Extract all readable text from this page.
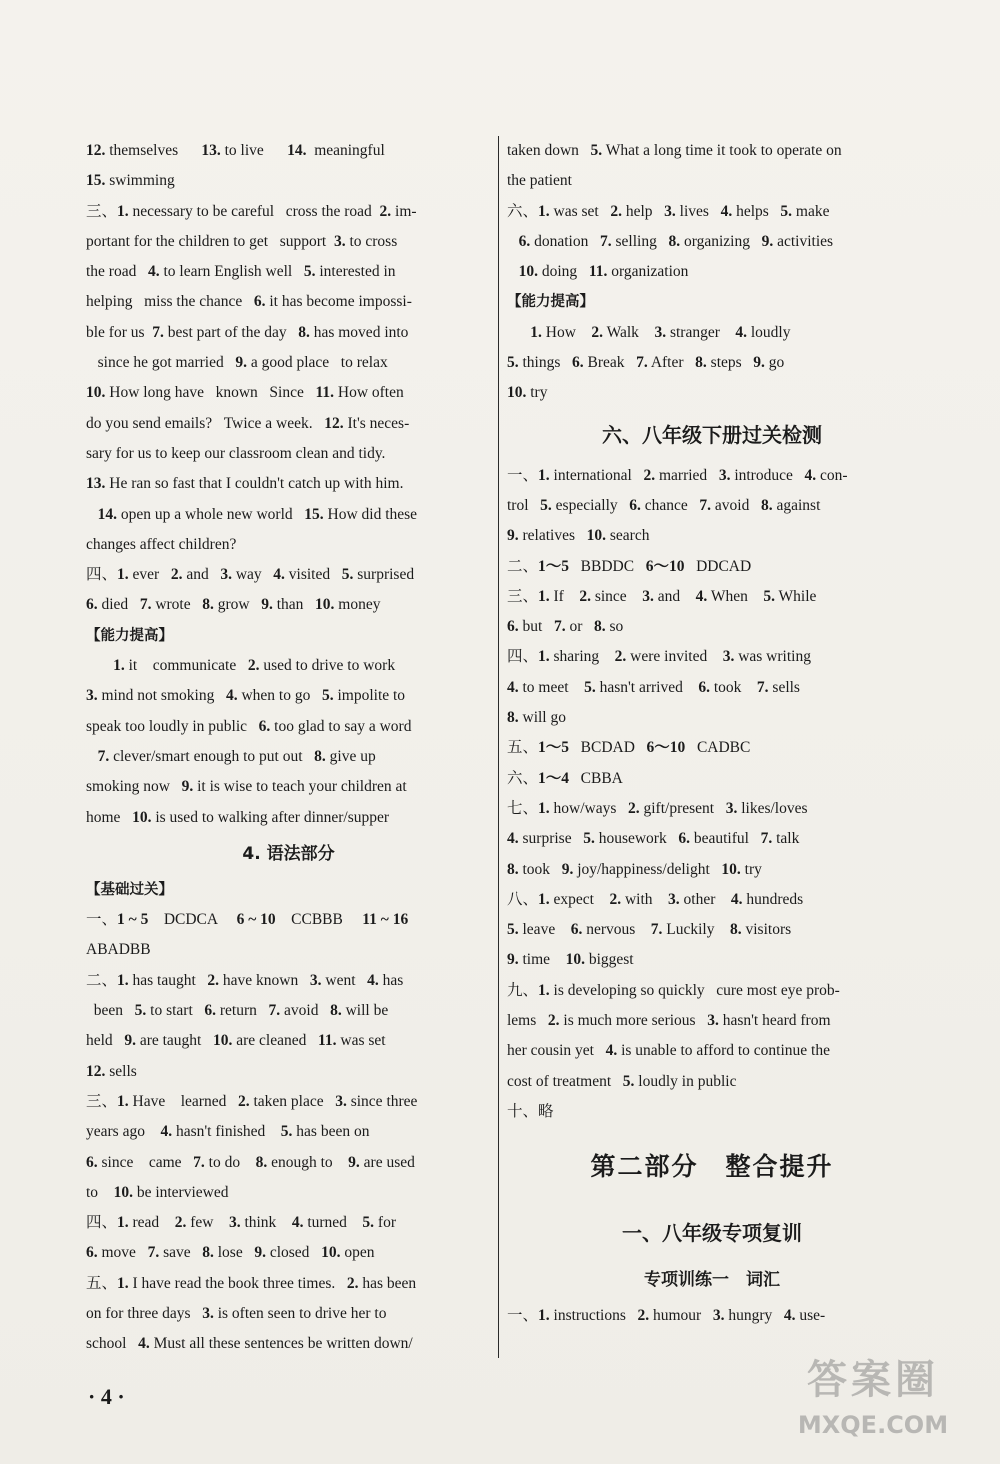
12. themselves      13. to live      14.  meaningful
15. swimming
三、1. necessary to be careful   cross the road  2. im-
portant for the children to get   support  3. to cross
the road   4. to learn English well   5. interested in
helping   miss the chance   6. it has become impossi-
ble for us  7. best part of the day   8. has moved into
since he got married   9. a good place   to relax
10. How long have   known   Since   11. How often
do you send emails?   Twice a week.   12. It's neces-
sary for us to keep our classroom clean and tidy.
13. He ran so fast that I couldn't catch up with him.
14. open up a whole new world   15. How did these
changes affect children?
四、1. ever   2. and   3. way   4. visited   5. surprised
6. died   7. wrote   8. grow   9. than   10. money
【能力提高】
1. it    communicate   2. used to drive to work
3. mind not smoking   4. when to go   5. impolite to
speak too loudly in public   6. too glad to say a word
7. clever/smart enough to put out   8. give up
smoking now   9. it is wise to teach your children at
home   10. is used to walking after dinner/supper
4. 语法部分
【基础过关】
一、1 ~ 5    DCDCA     6 ~ 10    CCBBB     11 ~ 16
ABADBB
二、1. has taught   2. have known   3. went   4. has
been   5. to start   6. return   7. avoid   8. will be
held   9. are taught   10. are cleaned   11. was set
12. sells
三、1. Have    learned   2. taken place   3. since three
years ago    4. hasn't finished    5. has been on
6. since    came   7. to do    8. enough to    9. are used
to    10. be interviewed
四、1. read    2. few    3. think    4. turned    5. for
6. move   7. save   8. lose   9. closed   10. open
五、1. I have read the book three times.   2. has been
on for three days   3. is often seen to drive her to
school   4. Must all these sentences be written down/
taken down   5. What a long time it took to operate on
the patient
六、1. was set   2. help   3. lives   4. helps   5. make
6. donation   7. selling   8. organizing   9. activities
10. doing   11. organization
【能力提高】
1. How    2. Walk    3. stranger    4. loudly
5. things   6. Break   7. After   8. steps   9. go
10. try
六、八年级下册过关检测
一、1. international   2. married   3. introduce   4. con-
trol   5. especially   6. chance   7. avoid   8. against
9. relatives   10. search
二、1～5   BBDDC   6～10   DDCAD
三、1. If    2. since    3. and    4. When    5. While
6. but   7. or   8. so
四、1. sharing    2. were invited    3. was writing
4. to meet    5. hasn't arrived    6. took    7. sells
8. will go
五、1～5   BCDAD   6～10   CADBC
六、1～4   CBBA
七、1. how/ways   2. gift/present   3. likes/loves
4. surprise   5. housework   6. beautiful   7. talk
8. took   9. joy/happiness/delight   10. try
八、1. expect    2. with    3. other    4. hundreds
5. leave    6. nervous    7. Luckily    8. visitors
9. time    10. biggest
九、1. is developing so quickly   cure most eye prob-
lems   2. is much more serious   3. hasn't heard from
her cousin yet   4. is unable to afford to continue the
cost of treatment   5. loudly in public
十、略
第二部分　整合提升
一、八年级专项复训
专项训练一　词汇
一、1. instructions   2. humour   3. hungry   4. use-
· 4 ·	答案圈
MXQE.COM
